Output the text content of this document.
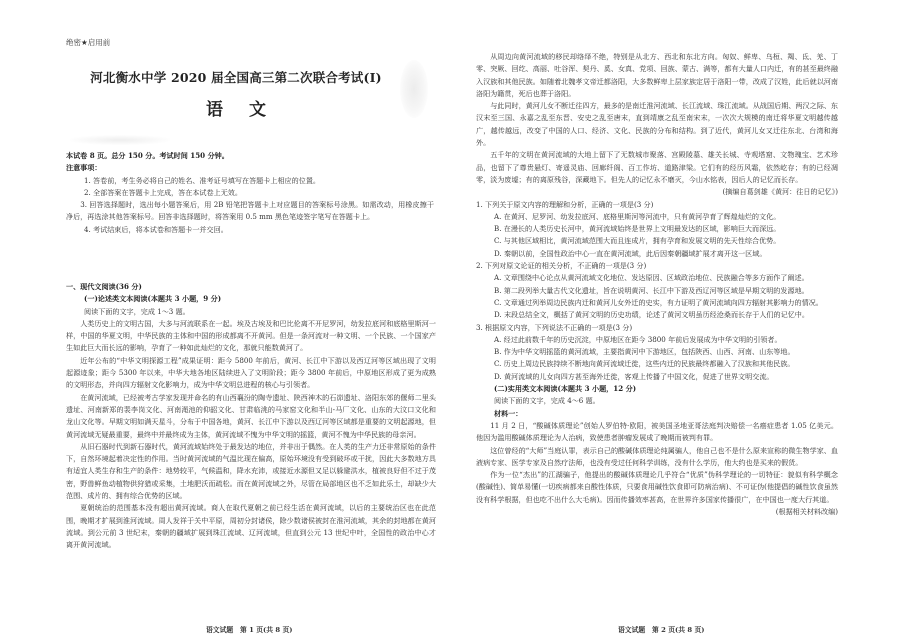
绝密★启用前
河北衡水中学 2020 届全国高三第二次联合考试(Ⅰ)
语文

本试卷 8 页。总分 150 分。考试时间 150 分钟。

注意事项：

1. 答卷前，考生务必将自己的姓名、准考证号填写在答题卡上相应的位置。

2. 全部答案在答题卡上完成，答在本试卷上无效。

3. 回答选择题时，选出每小题答案后，用 2B 铅笔把答题卡上对应题目的答案标号涂黑。如需改动，用橡皮擦干净后，再选涂其他答案标号。回答非选择题时，将答案用 0.5 mm 黑色笔迹签字笔写在答题卡上。

4. 考试结束后，将本试卷和答题卡一并交回。

一、现代文阅读(36 分)

(一)论述类文本阅读(本题共 3 小题，9 分)

阅读下面的文字，完成 1～3 题。

人类历史上的文明古国，大多与河流联系在一起。埃及古埃及和巴比伦离不开尼罗河，幼发拉底河和底格里斯河一样，中国的华夏文明，中华民族的主体和中国的形成都离不开黄河。但是一条河流对一种文明、一个民族、一个国家产生如此巨大而长远的影响，孕育了一种如此灿烂的文化，那就只能数黄河了。

近年公布的“中华文明探源工程”成果证明：距今 5800 年前后，黄河、长江中下游以及西辽河等区域出现了文明起源迹象；距今 5300 年以来，中华大地各地区陆续进入了文明阶段；距今 3800 年前后，中原地区形成了更为成熟的文明形态，并向四方辐射文化影响力，成为中华文明总进程的核心与引领者。

在黄河流域，已经被考古学家发现并命名的有山西襄汾的陶寺遗址、陕西神木的石峁遗址、洛阳东郊的偃师二里头遗址、河南新郑的裴李岗文化、河南渑池的仰韶文化、甘肃临洮的马家窑文化和半山-马厂文化、山东的大汶口文化和龙山文化等。早期文明如满天星斗，分布于中国各地，黄河、长江中下游以及西辽河等区域都是重要的文明起源地，但黄河流域无疑最重要，最终中并最终成为主体，黄河流域不愧为中华文明的摇篮，黄河不愧为中华民族的母亲河。

从旧石器时代到新石器时代，黄河流域始终处于最发达的地位，并非出于偶然。在人类的生产力还非常原始的条件下，自然环境起着决定性的作用。当时黄河流域的气温比现在偏高，原始环境没有受到破坏或干扰，因此大多数地方具有适宜人类生存和生产的条件：地势较平，气候温和，降水充沛，或接近水源但又足以躲避洪水，植被良好但不过于茂密，野兽鲜鱼动植物供狩猎或采集，土地肥沃而疏松。而在黄河流域之外，尽管在局部地区也不乏如此乐土，却缺少大范围、成片的、拥有综合优势的区域。

夏朝统治的范围基本没有超出黄河流域。商人在取代夏朝之前已经生活在黄河流域，以后的主要统治区也在此范围，晚期才扩展到淮河流域。周人发祥于关中平原，周初分封诸侯，除少数诸侯被封在淮河流域，其余的封地都在黄河流域。到公元前 3 世纪末，秦朝的疆域扩展到珠江流域、辽河流域，但直到公元 13 世纪中叶，全国性的政治中心才离开黄河流域。

语文试题　第 1 页(共 8 页)

从周边向黄河流域的移民却络绎不绝，特别是从北方、西北和东北方向。匈奴、鲜卑、乌桓、羯、氐、羌、丁零、突厥、回纥、高丽、吐谷浑、契丹、奚、女真、党项、回族、蒙古、满等，都有大量人口内迁，有的甚至最终融入汉族和其他民族。如随着北魏孝文帝迁都洛阳，大多数鲜卑上层家族定居于洛阳一带，改成了汉姓，此后就以河南洛阳为籍贯，死后也葬于洛阳。

与此同时，黄河儿女不断迁往四方，最多的是南迁淮河流域、长江流域、珠江流域。从战国后期、两汉之际、东汉末至三国、永嘉之乱至东晋、安史之乱至唐末，直到靖康之乱至南宋末，一次次大规模的南迁将华夏文明越传越广，越传越远，改变了中国的人口、经济、文化、民族的分布和结构。到了近代，黄河儿女又迁往东北、台湾和海外。

五千年的文明在黄河流域的大地上留下了无数城市聚落、宫殿陵墓、雄关长城、寺观塔窟、文物瑰宝、艺术珍品，也留下了尊贵悬灯、寄遥灵庙、回廊纤阁、百工作坊、道路津梁。它们有的经历风霜，依然屹存；有的已经凋零，淡为废墟；有的离原残谷，深藏地下。但先人的记忆永不磨灭，今山水铭表，因后人的记忆而长存。

(摘编自葛剑雄《黄河：往日的记忆》)

1. 下列关于原文内容的理解和分析，正确的一项是(3 分)

A. 在黄河、尼罗河、幼发拉底河、底格里斯河等河流中，只有黄河孕育了辉煌灿烂的文化。

B. 在漫长的人类历史长河中，黄河流域始终是世界上文明最发达的区域，影响巨大而深远。

C. 与其他区域相比，黄河流域范围大而且连成片，拥有孕育和发展文明的先天性综合优势。

D. 秦朝以前，全国性政治中心一直在黄河流域，此后因秦朝疆域扩展才离开这一区域。

2. 下列对原文论证的相关分析，不正确的一项是(3 分)

A. 文章围绕中心论点从黄河流域文化地位、发达原因、区域政治地位、民族融合等多方面作了阐述。

B. 第二段列举大量古代文化遗址，旨在说明黄河、长江中下游及西辽河等区域是早期文明的发源地。

C. 文章通过列举周边民族内迁和黄河儿女外迁的史实，有力证明了黄河流域向四方辐射其影响力的情况。

D. 末段总结全文，概括了黄河文明的历史功绩，论述了黄河文明虽历经沧桑而长存于人们的记忆中。

3. 根据原文内容，下列说法不正确的一项是(3 分)

A. 经过此前数千年的历史沉淀，中原地区在距今 3800 年前后发展成为中华文明的引领者。

B. 作为中华文明摇篮的黄河流域，主要指黄河中下游地区，包括陕西、山西、河南、山东等地。

C. 历史上周边民族持续不断地向黄河流域迁徙，这些内迁的民族最终都融入了汉族和其他民族。

D. 黄河流域的儿女向四方甚至海外迁徙，客观上传播了中国文化，促进了世界文明交流。

(二)实用类文本阅读(本题共 3 小题，12 分)

阅读下面的文字，完成 4～6 题。

材料一：

11 月 2 日，“酸碱体质理论”创始人罗伯特·欧阳，被美国圣地亚哥法庭判决赔偿一名癌症患者 1.05 亿美元。他因为滥用酸碱体质理论为人治病，致使患者肿瘤发展成了晚期而被判有罪。

这位曾经的“大师”当庭认罪，表示自己的酸碱体质理论纯属骗人，他自己也不是什么原来宣称的微生物学家、血液病专家、医学专家及自然疗法师，也没有受过任何科学训练，没有什么学历，他大约也是买来的假货。

作为一位“杰出”的江湖骗子，他提出的酸碱体质理论几乎符合“优质”伪科学理论的一切特征：貌似有科学概念(酸碱性)、简单易懂(一切疾病都来自酸性体质，只要食用碱性饮食即可防病治病)、不可证伪(他提倡的碱性饮食虽然没有科学根据，但也吃不出什么大毛病)。因而传播效率甚高，在世界许多国家传播很广，在中国也一度大行其道。

(根据相关材料改编)

语文试题　第 2 页(共 8 页)
